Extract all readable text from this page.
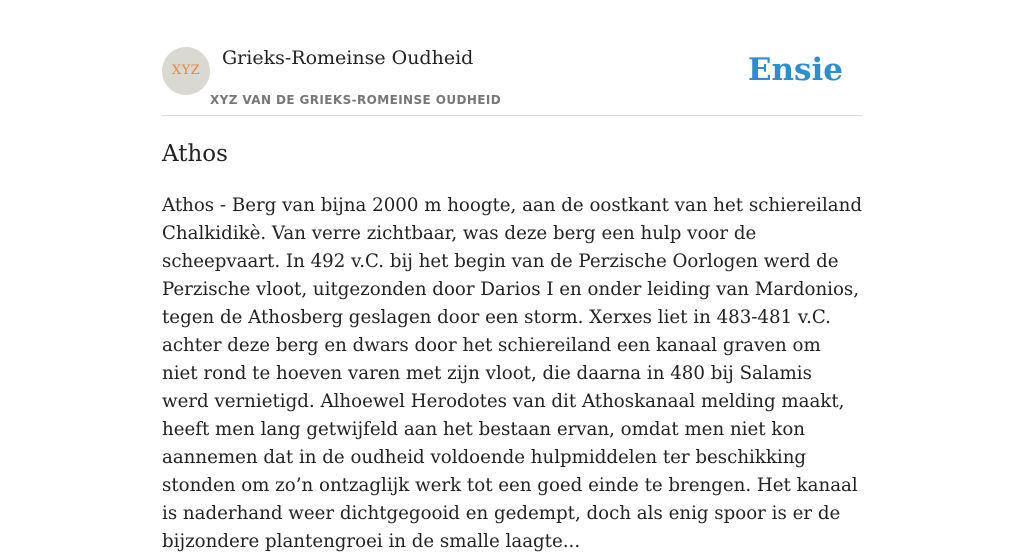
XYZ
Grieks-Romeinse Oudheid
XYZ VAN DE GRIEKS-ROMEINSE OUDHEID
Ensie
Athos

Athos - Berg van bijna 2000 m hoogte, aan de oostkant van het schiereiland Chalkidikè. Van verre zichtbaar, was deze berg een hulp voor de scheepvaart. In 492 v.C. bij het begin van de Perzische Oorlogen werd de Perzische vloot, uitgezonden door Darios I en onder leiding van Mardonios, tegen de Athosberg geslagen door een storm. Xerxes liet in 483-481 v.C. achter deze berg en dwars door het schiereiland een kanaal graven om niet rond te hoeven varen met zijn vloot, die daarna in 480 bij Salamis werd vernietigd. Alhoewel Herodotes van dit Athoskanaal melding maakt, heeft men lang getwijfeld aan het bestaan ervan, omdat men niet kon aannemen dat in de oudheid voldoende hulpmiddelen ter beschikking stonden om zo’n ontzaglijk werk tot een goed einde te brengen. Het kanaal is naderhand weer dichtgegooid en gedempt, doch als enig spoor is er de bijzondere plantengroei in de smalle laagte...
